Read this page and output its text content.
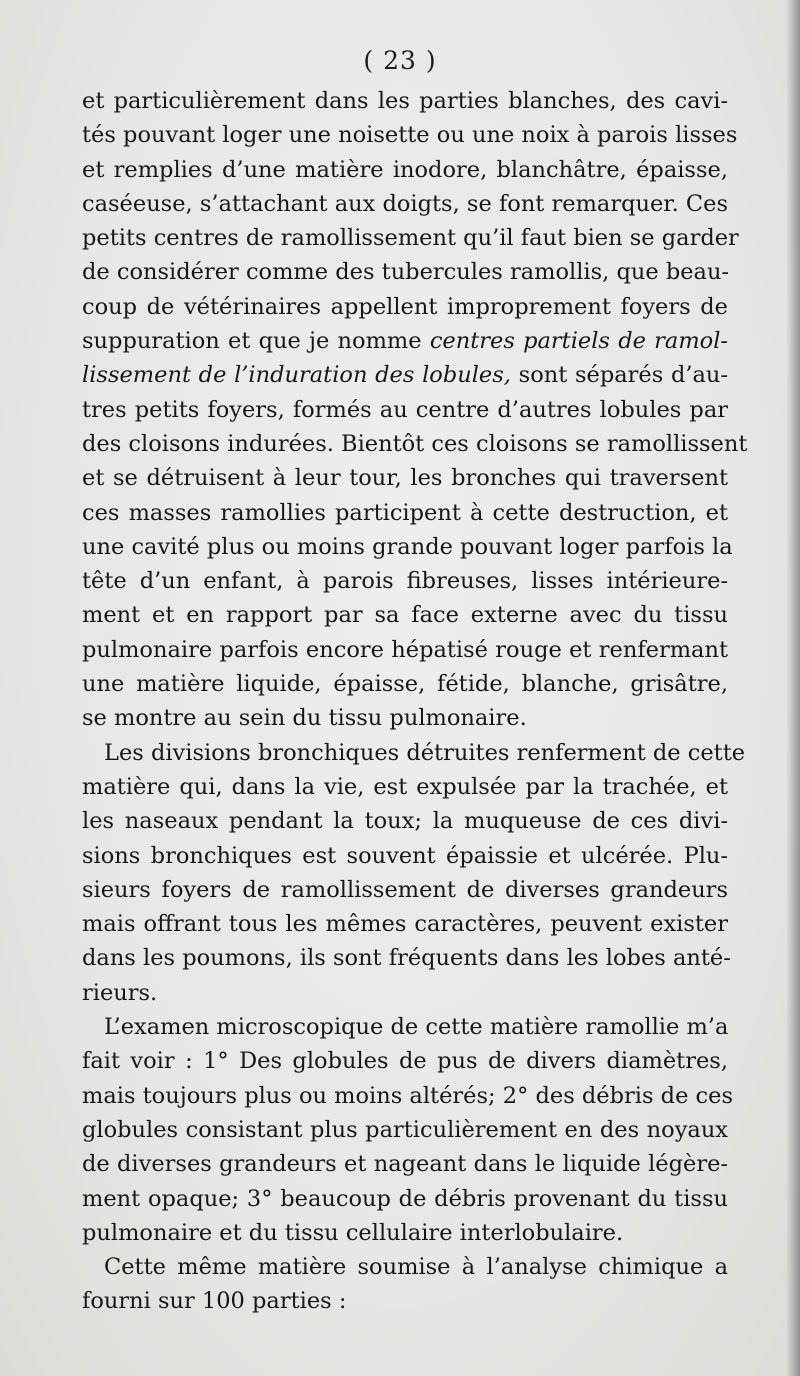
( 23 )
et particulièrement dans les parties blanches, des cavi-
tés pouvant loger une noisette ou une noix à parois lisses
et remplies d’une matière inodore, blanchâtre, épaisse,
caséeuse, s’attachant aux doigts, se font remarquer. Ces
petits centres de ramollissement qu’il faut bien se garder
de considérer comme des tubercules ramollis, que beau-
coup de vétérinaires appellent improprement foyers de
suppuration et que je nomme centres partiels de ramol-
lissement de l’induration des lobules, sont séparés d’au-
tres petits foyers, formés au centre d’autres lobules par
des cloisons indurées. Bientôt ces cloisons se ramollissent
et se détruisent à leur tour, les bronches qui traversent
ces masses ramollies participent à cette destruction, et
une cavité plus ou moins grande pouvant loger parfois la
tête d’un enfant, à parois fibreuses, lisses intérieure-
ment et en rapport par sa face externe avec du tissu
pulmonaire parfois encore hépatisé rouge et renfermant
une matière liquide, épaisse, fétide, blanche, grisâtre,
se montre au sein du tissu pulmonaire.
Les divisions bronchiques détruites renferment de cette
matière qui, dans la vie, est expulsée par la trachée, et
les naseaux pendant la toux; la muqueuse de ces divi-
sions bronchiques est souvent épaissie et ulcérée. Plu-
sieurs foyers de ramollissement de diverses grandeurs
mais offrant tous les mêmes caractères, peuvent exister
dans les poumons, ils sont fréquents dans les lobes anté-
rieurs.
L’examen microscopique de cette matière ramollie m’a
fait voir : 1° Des globules de pus de divers diamètres,
mais toujours plus ou moins altérés; 2° des débris de ces
globules consistant plus particulièrement en des noyaux
de diverses grandeurs et nageant dans le liquide légère-
ment opaque; 3° beaucoup de débris provenant du tissu
pulmonaire et du tissu cellulaire interlobulaire.
Cette même matière soumise à l’analyse chimique a
fourni sur 100 parties :
